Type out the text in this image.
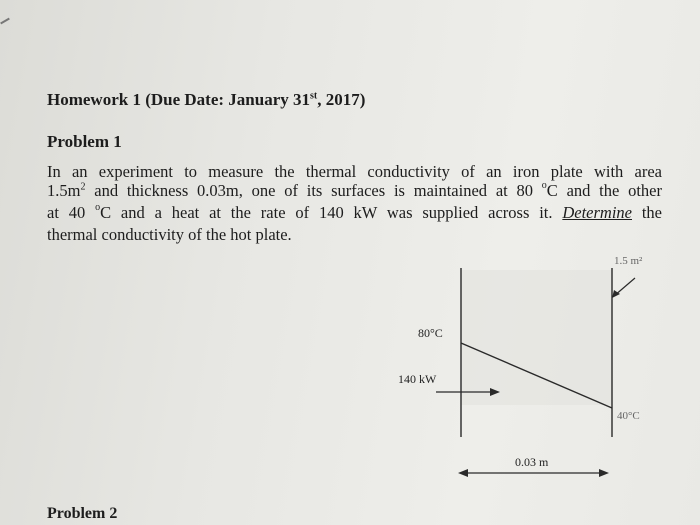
Homework 1 (Due Date: January 31st, 2017)
Problem 1
In an experiment to measure the thermal conductivity of an iron plate with area
$1.5m^2$ and thickness 0.03m, one of its surfaces is maintained at 80 $^o$C and the other
at 40 $^o$C and a heat at the rate of 140 kW was supplied across it. Determine the
thermal conductivity of the hot plate.
1.5 m²
80°C
140 kW
40°C
0.03 m
Problem 2
